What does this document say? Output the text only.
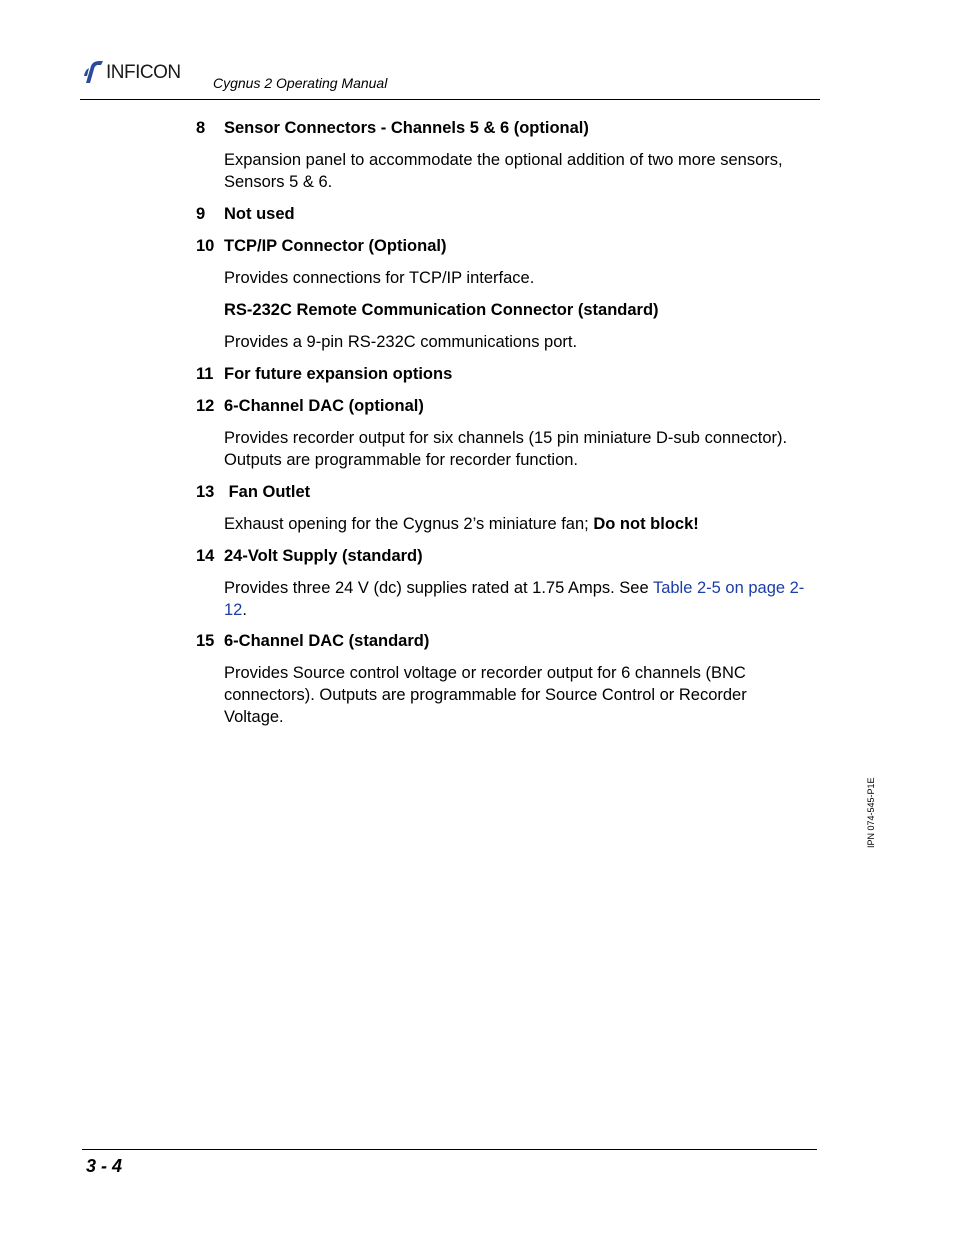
INFICON
Cygnus 2 Operating Manual
8 Sensor Connectors - Channels 5 & 6 (optional)
Expansion panel to accommodate the optional addition of two more sensors, Sensors 5 & 6.
9 Not used
10 TCP/IP Connector (Optional)
Provides connections for TCP/IP interface.
RS-232C Remote Communication Connector (standard)
Provides a 9-pin RS-232C communications port.
11 For future expansion options
12 6-Channel DAC (optional)
Provides recorder output for six channels (15 pin miniature D-sub connector). Outputs are programmable for recorder function.
13 Fan Outlet
Exhaust opening for the Cygnus 2’s miniature fan; Do not block!
14 24-Volt Supply (standard)
Provides three 24 V (dc) supplies rated at 1.75 Amps. See Table 2-5 on page 2-12.
15 6-Channel DAC (standard)
Provides Source control voltage or recorder output for 6 channels (BNC connectors). Outputs are programmable for Source Control or Recorder Voltage.
IPN 074-545-P1E
3 - 4
